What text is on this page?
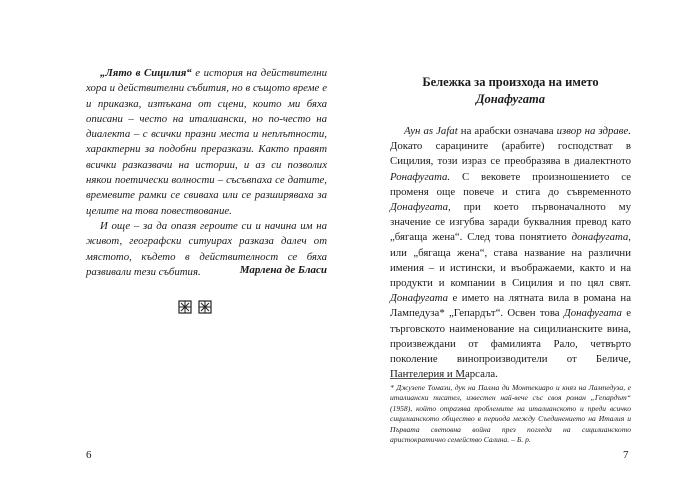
„Лято в Сицилия“ е история на действителни хора и действителни събития, но в същото време е и приказка, изтъкана от сцени, които ми бяха описани – често на италиански, но по-често на диалекта – с всички празни места и неплътности, характерни за подобни преразкази. Както правят всички разказвачи на истории, и аз си позволих някои поетически волности – съсъвпаха се датите, времевите рамки се свиваха или се разширяваха за целите на това повествование.

И още – за да опазя героите си и начина им на живот, географски ситуирах разказа далеч от мястото, където в действителност се бяха развивали тези събития.	Марлена де Бласи
6
Бележка за произхода на името
Донафугата

Аун as Jafat на арабски означава извор на здраве. Докато сарацините (арабите) господстват в Сицилия, този израз се преобразява в диалектното Ронафугата. С вековете произношението се променя още повече и стига до съвременното Донафугата, при което първоначалното му значение се изгубва заради буквалния превод като „бягаща жена“. След това понятието донафугата, или „бягаща жена“, става название на различни имения – и истински, и въображаеми, както и на продукти и компании в Сицилия и по цял свят. Донафугата е името на лятната вила в романа на Лампедуза* „Гепардът“. Освен това Донафугата е търговското наименование на сицилианските вина, произвеждани от фамилията Рало, четвърто поколение винопроизводители от Беличе, Пантелерия и Марсала.

* Джузепе Томази, дук на Палма ди Монтекиаро и княз на Лампедуза, е италиански писател, известен най-вече със своя роман „Гепардът“ (1958), който отразява проблемите на италианското и преди всичко сицилианското общество в периода между Съединението на Италия и Първата световна война през погледа на сицилианското аристократично семейство Салина. – Б. р.

7
